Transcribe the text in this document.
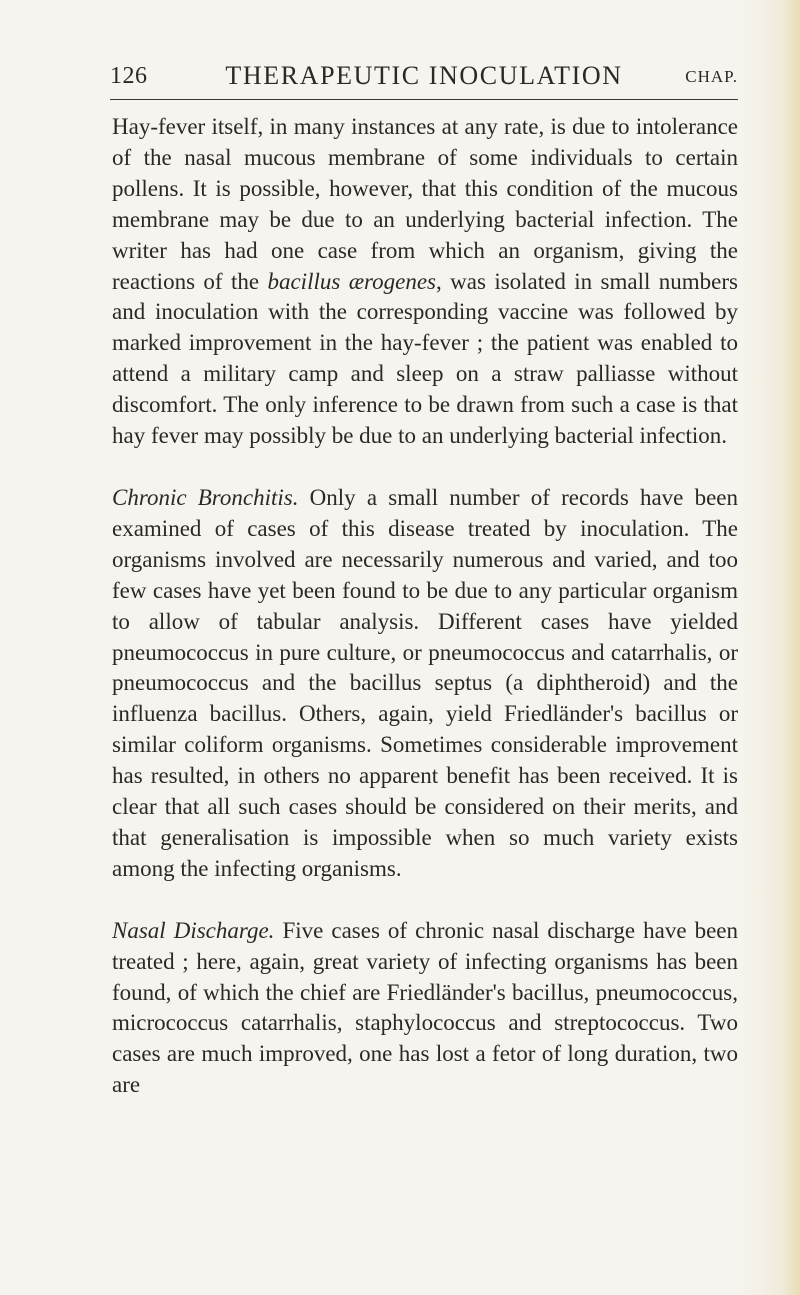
126	THERAPEUTIC INOCULATION	CHAP.

Hay-fever itself, in many instances at any rate, is due to intolerance of the nasal mucous membrane of some individuals to certain pollens. It is possible, however, that this condition of the mucous membrane may be due to an underlying bacterial infection. The writer has had one case from which an organism, giving the reactions of the bacillus ærogenes, was isolated in small numbers and inoculation with the corresponding vaccine was followed by marked improvement in the hay-fever ; the patient was enabled to attend a military camp and sleep on a straw palliasse without discomfort. The only inference to be drawn from such a case is that hay fever may possibly be due to an underlying bacterial infection.

Chronic Bronchitis. Only a small number of records have been examined of cases of this disease treated by inoculation. The organisms involved are necessarily numerous and varied, and too few cases have yet been found to be due to any particular organism to allow of tabular analysis. Different cases have yielded pneumococcus in pure culture, or pneumococcus and catarrhalis, or pneumococcus and the bacillus septus (a diphtheroid) and the influenza bacillus. Others, again, yield Friedländer's bacillus or similar coliform organisms. Sometimes considerable improvement has resulted, in others no apparent benefit has been received. It is clear that all such cases should be considered on their merits, and that generalisation is impossible when so much variety exists among the infecting organisms.

Nasal Discharge. Five cases of chronic nasal discharge have been treated ; here, again, great variety of infecting organisms has been found, of which the chief are Friedländer's bacillus, pneumococcus, micrococcus catarrhalis, staphylococcus and streptococcus. Two cases are much improved, one has lost a fetor of long duration, two are
